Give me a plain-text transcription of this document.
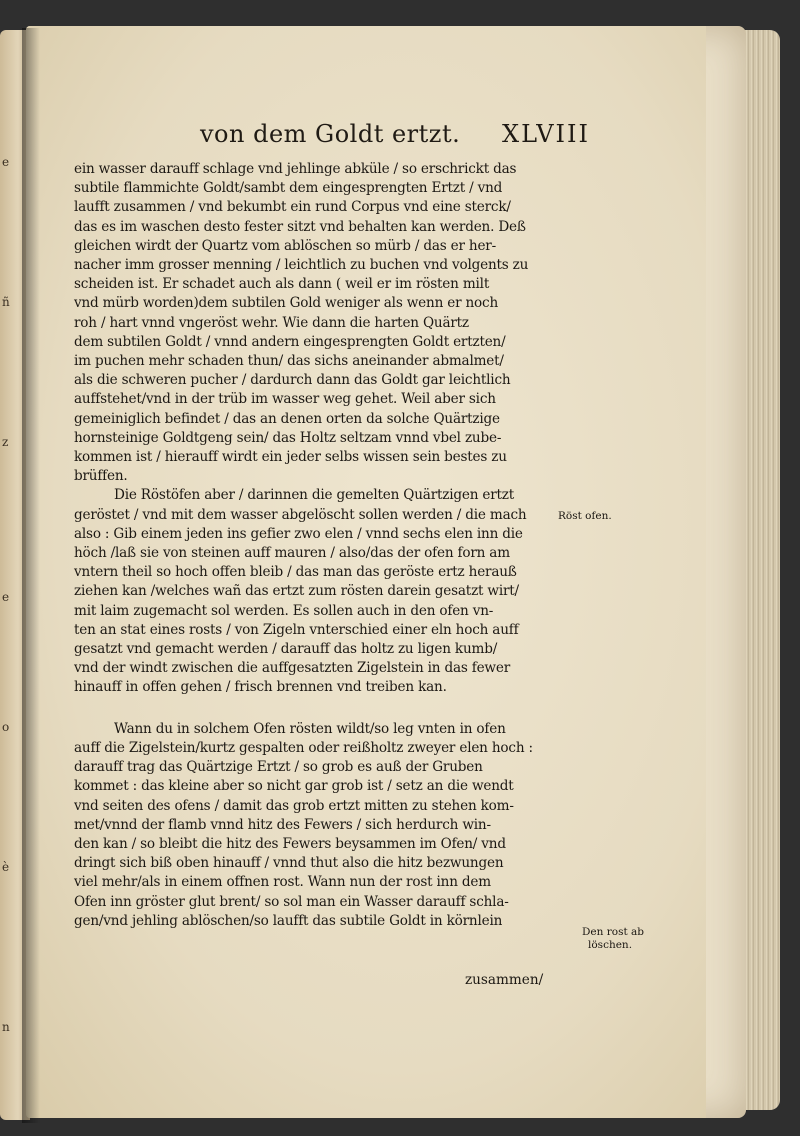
e
ñ
z
e
o
è
n
von dem Goldt ertzt. XLVIII
ein wasser darauff schlage vnd jehlinge abküle / so erschrickt das
subtile flammichte Goldt/sambt dem eingesprengten Ertzt / vnd
laufft zusammen / vnd bekumbt ein rund Corpus vnd eine sterck/
das es im waschen desto fester sitzt vnd behalten kan werden. Deß
gleichen wirdt der Quartz vom ablöschen so mürb / das er her-
nacher imm grosser menning / leichtlich zu buchen vnd volgents zu
scheiden ist. Er schadet auch als dann ( weil er im rösten milt
vnd mürb worden)dem subtilen Gold weniger als wenn er noch
roh / hart vnnd vngeröst wehr. Wie dann die harten Quärtz
dem subtilen Goldt / vnnd andern eingesprengten Goldt ertzten/
im puchen mehr schaden thun/ das sichs aneinander abmalmet/
als die schweren pucher / dardurch dann das Goldt gar leichtlich
auffstehet/vnd in der trüb im wasser weg gehet. Weil aber sich
gemeiniglich befindet / das an denen orten da solche Quärtzige
hornsteinige Goldtgeng sein/ das Holtz seltzam vnnd vbel zube-
kommen ist / hierauff wirdt ein jeder selbs wissen sein bestes zu
brüffen.
Die Röstöfen aber / darinnen die gemelten Quärtzigen ertzt
geröstet / vnd mit dem wasser abgelöscht sollen werden / die mach
also : Gib einem jeden ins gefier zwo elen / vnnd sechs elen inn die
höch /laß sie von steinen auff mauren / also/das der ofen forn am
vntern theil so hoch offen bleib / das man das geröste ertz herauß
ziehen kan /welches wañ das ertzt zum rösten darein gesatzt wirt/
mit laim zugemacht sol werden. Es sollen auch in den ofen vn-
ten an stat eines rosts / von Zigeln vnterschied einer eln hoch auff
gesatzt vnd gemacht werden / darauff das holtz zu ligen kumb/
vnd der windt zwischen die auffgesatzten Zigelstein in das fewer
hinauff in offen gehen / frisch brennen vnd treiben kan.
Wann du in solchem Ofen rösten wildt/so leg vnten in ofen
auff die Zigelstein/kurtz gespalten oder reißholtz zweyer elen hoch :
darauff trag das Quärtzige Ertzt / so grob es auß der Gruben
kommet : das kleine aber so nicht gar grob ist / setz an die wendt
vnd seiten des ofens / damit das grob ertzt mitten zu stehen kom-
met/vnnd der flamb vnnd hitz des Fewers / sich herdurch win-
den kan / so bleibt die hitz des Fewers beysammen im Ofen/ vnd
dringt sich biß oben hinauff / vnnd thut also die hitz bezwungen
viel mehr/als in einem offnen rost. Wann nun der rost inn dem
Ofen inn gröster glut brent/ so sol man ein Wasser darauff schla-
gen/vnd jehling ablöschen/so laufft das subtile Goldt in körnlein
zusammen/
Röst ofen.
Den rost ab
löschen.
